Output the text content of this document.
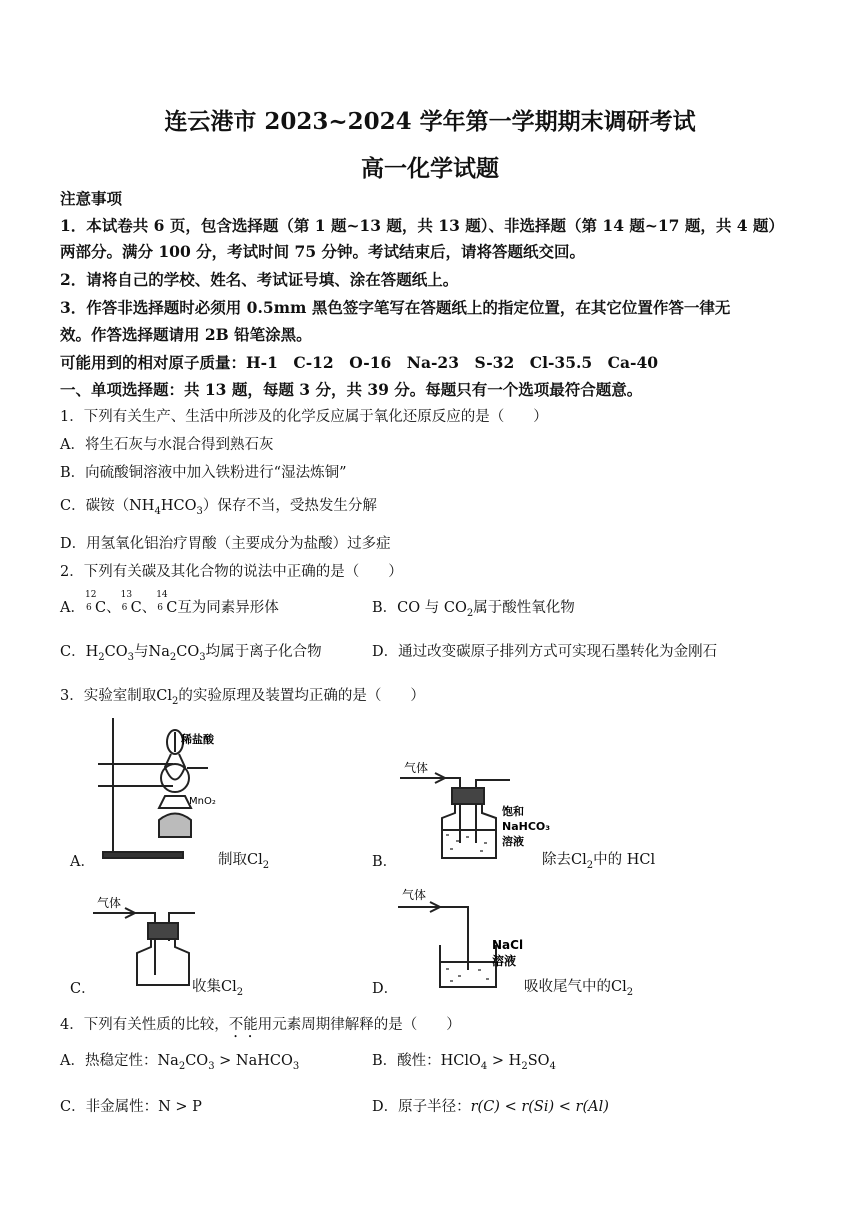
连云港市 2023~2024 学年第一学期期末调研考试
高一化学试题
注意事项
1．本试卷共 6 页，包含选择题（第 1 题~13 题，共 13 题）、非选择题（第 14 题~17 题，共 4 题）
两部分。满分 100 分，考试时间 75 分钟。考试结束后，请将答题纸交回。
2．请将自己的学校、姓名、考试证号填、涂在答题纸上。
3．作答非选择题时必须用 0.5mm 黑色签字笔写在答题纸上的指定位置，在其它位置作答一律无
效。作答选择题请用 2B 铅笔涂黑。
可能用到的相对原子质量：H-1　C-12　O-16　Na-23　S-32　Cl-35.5　Ca-40
一、单项选择题：共 13 题，每题 3 分，共 39 分。每题只有一个选项最符合题意。
1．下列有关生产、生活中所涉及的化学反应属于氧化还原反应的是（　　）
A．将生石灰与水混合得到熟石灰
B．向硫酸铜溶液中加入铁粉进行“湿法炼铜”
C．碳铵$(NH_4HCO_3)$保存不当，受热发生分解
D．用氢氧化铝治疗胃酸（主要成分为盐酸）过多症
2．下列有关碳及其化合物的说法中正确的是（　　）
A．
12
6 C、
13
6 C、
14
6 C互为同素异形体	B．CO 与 $CO_2$属于酸性氧化物
C．$H_2CO_3$与$Na_2CO_3$均属于离子化合物	D．通过改变碳原子排列方式可实现石墨转化为金刚石
3．实验室制取$Cl_2$的实验原理及装置均正确的是（　　）
稀盐酸
MnO₂
A．	制取$Cl_2$
气体
饱和
NaHCO₃
溶液
B．	除去$Cl_2$中的 HCl
气体
C．	收集$Cl_2$
气体
NaCl
溶液
D．	吸收尾气中的$Cl_2$
4．下列有关性质的比较，不能用元素周期律解释的是（　　）
A．热稳定性：$Na_2CO_3$ > NaHCO$_3$	B．酸性：HClO$_4$ > $H_2SO_4$
C．非金属性：N > P	D．原子半径：r(C) < r(Si) < r(Al)
